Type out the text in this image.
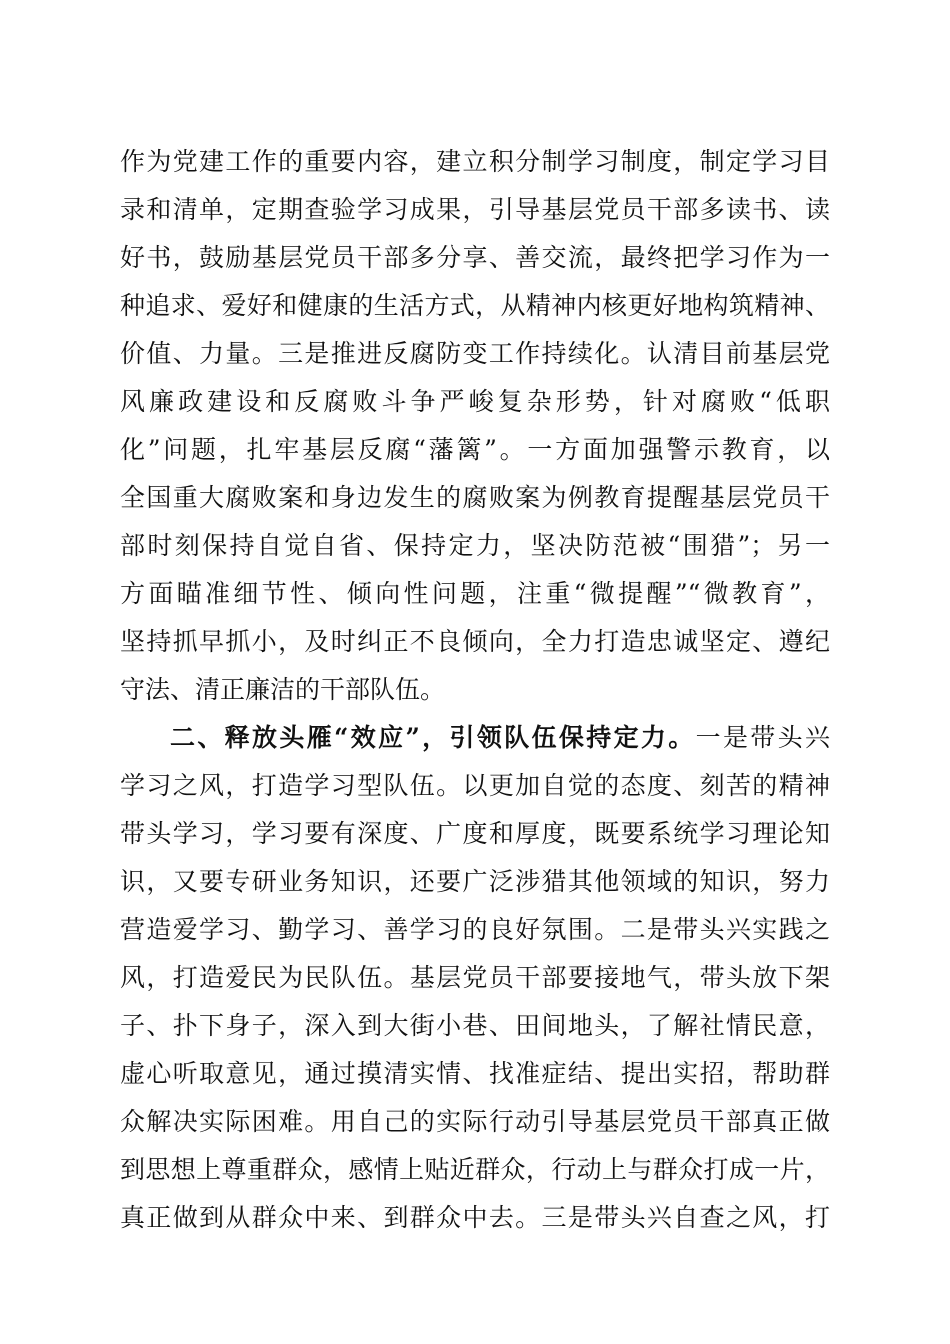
作为党建工作的重要内容，建立积分制学习制度，制定学习目
录和清单，定期查验学习成果，引导基层党员干部多读书、读
好书，鼓励基层党员干部多分享、善交流，最终把学习作为一
种追求、爱好和健康的生活方式，从精神内核更好地构筑精神、
价值、力量。三是推进反腐防变工作持续化。认清目前基层党
风廉政建设和反腐败斗争严峻复杂形势，针对腐败“低职
化”问题，扎牢基层反腐“藩篱”。一方面加强警示教育，以
全国重大腐败案和身边发生的腐败案为例教育提醒基层党员干
部时刻保持自觉自省、保持定力，坚决防范被“围猎”；另一
方面瞄准细节性、倾向性问题，注重“微提醒”“微教育”，
坚持抓早抓小，及时纠正不良倾向，全力打造忠诚坚定、遵纪
守法、清正廉洁的干部队伍。
二、释放头雁“效应”，引领队伍保持定力。一是带头兴
学习之风，打造学习型队伍。以更加自觉的态度、刻苦的精神
带头学习，学习要有深度、广度和厚度，既要系统学习理论知
识，又要专研业务知识，还要广泛涉猎其他领域的知识，努力
营造爱学习、勤学习、善学习的良好氛围。二是带头兴实践之
风，打造爱民为民队伍。基层党员干部要接地气，带头放下架
子、扑下身子，深入到大街小巷、田间地头，了解社情民意，
虚心听取意见，通过摸清实情、找准症结、提出实招，帮助群
众解决实际困难。用自己的实际行动引导基层党员干部真正做
到思想上尊重群众，感情上贴近群众，行动上与群众打成一片，
真正做到从群众中来、到群众中去。三是带头兴自查之风，打
